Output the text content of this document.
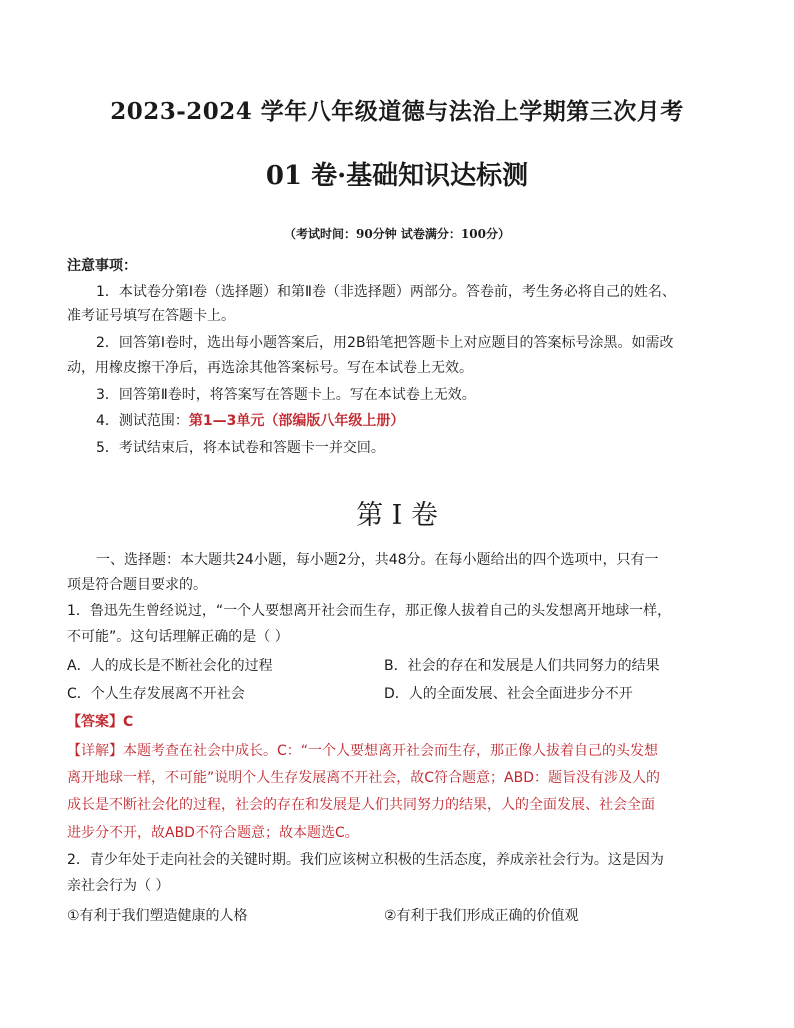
2023-2024 学年八年级道德与法治上学期第三次月考
01 卷·基础知识达标测
（考试时间：90分钟 试卷满分：100分）
注意事项：
1．本试卷分第Ⅰ卷（选择题）和第Ⅱ卷（非选择题）两部分。答卷前，考生务必将自己的姓名、
准考证号填写在答题卡上。
2．回答第Ⅰ卷时，选出每小题答案后，用2B铅笔把答题卡上对应题目的答案标号涂黑。如需改
动，用橡皮擦干净后，再选涂其他答案标号。写在本试卷上无效。
3．回答第Ⅱ卷时，将答案写在答题卡上。写在本试卷上无效。
4．测试范围：第1—3单元（部编版八年级上册）
5．考试结束后，将本试卷和答题卡一并交回。
第 I 卷
一、选择题：本大题共24小题，每小题2分，共48分。在每小题给出的四个选项中，只有一
项是符合题目要求的。
1．鲁迅先生曾经说过，“一个人要想离开社会而生存，那正像人拔着自己的头发想离开地球一样，
不可能”。这句话理解正确的是（ ）
A．人的成长是不断社会化的过程	B．社会的存在和发展是人们共同努力的结果
C．个人生存发展离不开社会	D．人的全面发展、社会全面进步分不开
【答案】C
【详解】本题考查在社会中成长。C：“一个人要想离开社会而生存，那正像人拔着自己的头发想
离开地球一样，不可能”说明个人生存发展离不开社会，故C符合题意；ABD：题旨没有涉及人的
成长是不断社会化的过程，社会的存在和发展是人们共同努力的结果，人的全面发展、社会全面
进步分不开，故ABD不符合题意；故本题选C。
2．青少年处于走向社会的关键时期。我们应该树立积极的生活态度，养成亲社会行为。这是因为
亲社会行为（ ）
①有利于我们塑造健康的人格	②有利于我们形成正确的价值观
